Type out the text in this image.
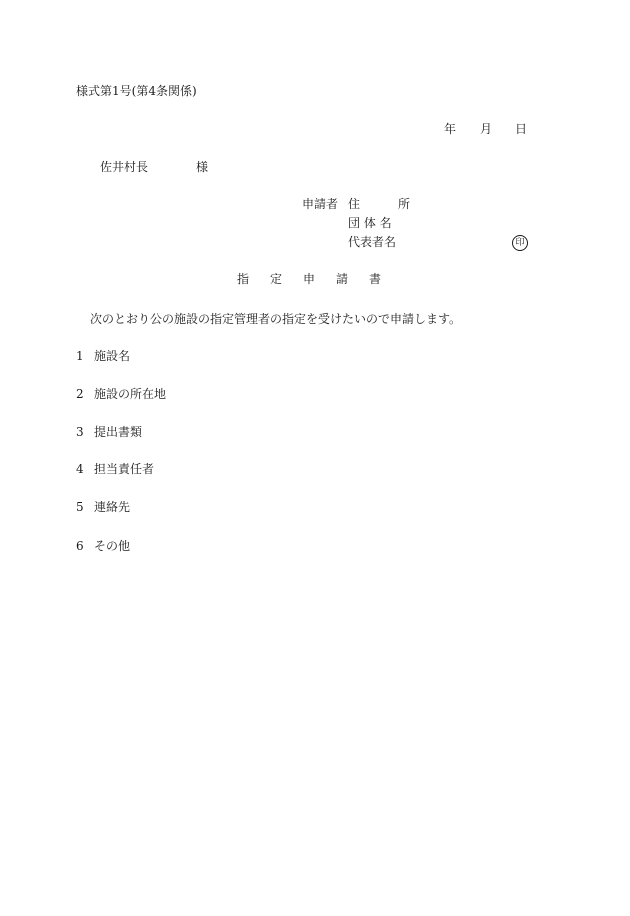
様式第1号(第4条関係)
年 月 日
佐井村長	様
申請者 住	所
団 体 名
代表者名	印
指 定 申 請 書
次のとおり公の施設の指定管理者の指定を受けたいので申請します。
1 施設名
2 施設の所在地
3 提出書類
4 担当責任者
5 連絡先
6 その他
